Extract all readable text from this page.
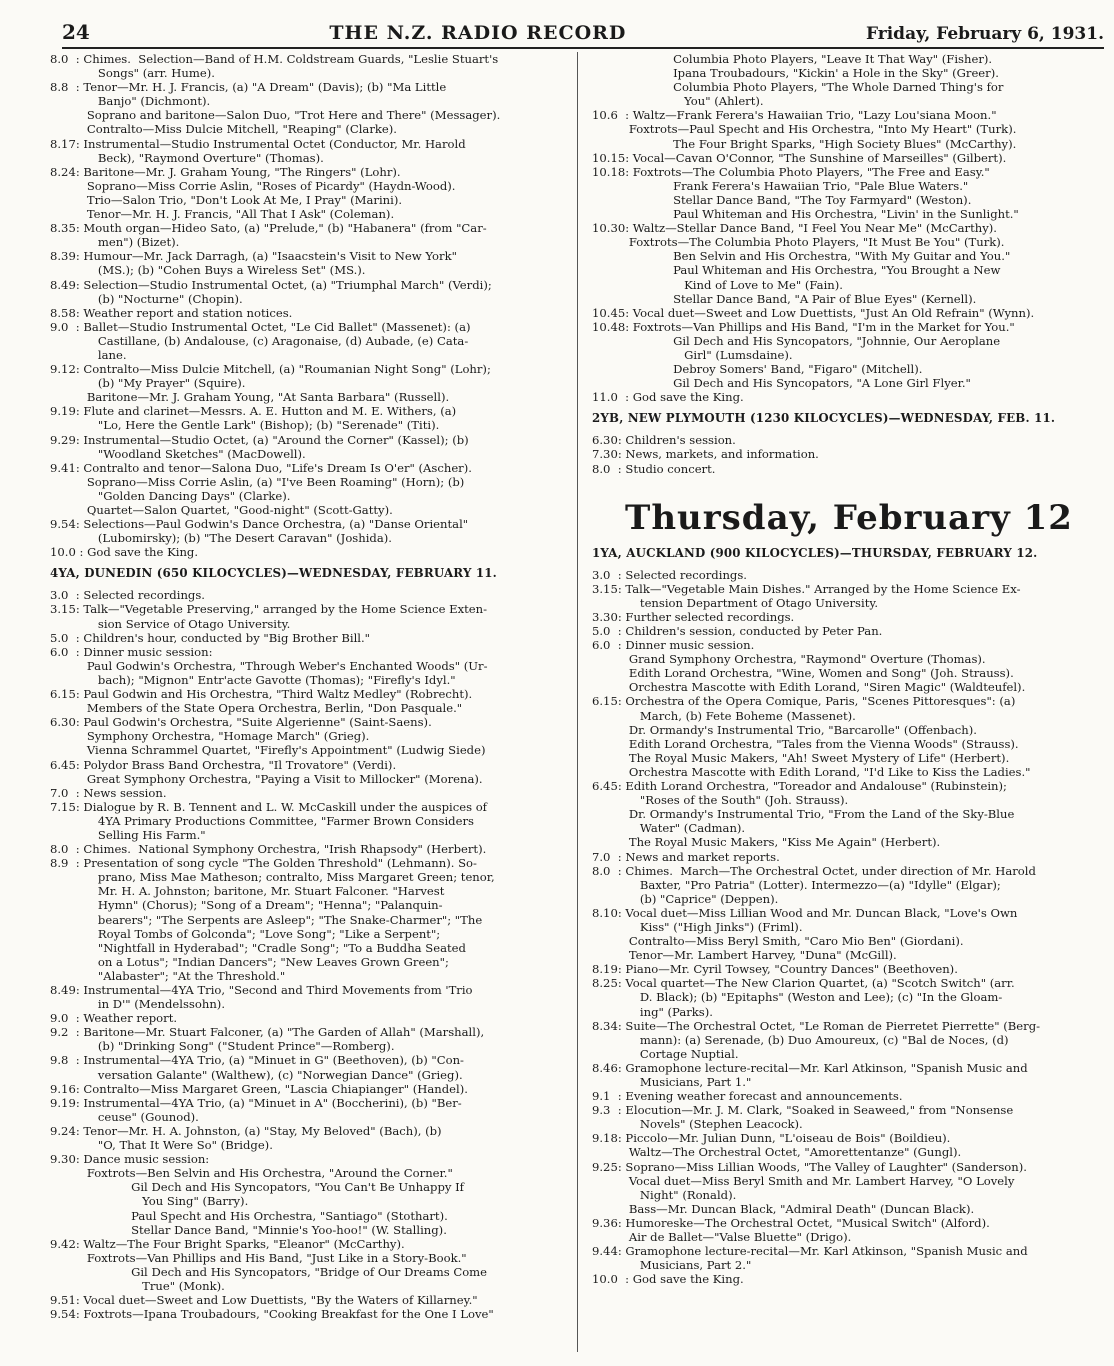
24	THE N.Z. RADIO RECORD	Friday, February 6, 1931.
8.0  : Chimes.  Selection—Band of H.M. Coldstream Guards, "Leslie Stuart's
Songs" (arr. Hume).
8.8  : Tenor—Mr. H. J. Francis, (a) "A Dream" (Davis); (b) "Ma Little
Banjo" (Dichmont).
Soprano and baritone—Salon Duo, "Trot Here and There" (Messager).
Contralto—Miss Dulcie Mitchell, "Reaping" (Clarke).
8.17: Instrumental—Studio Instrumental Octet (Conductor, Mr. Harold
Beck), "Raymond Overture" (Thomas).
8.24: Baritone—Mr. J. Graham Young, "The Ringers" (Lohr).
Soprano—Miss Corrie Aslin, "Roses of Picardy" (Haydn-Wood).
Trio—Salon Trio, "Don't Look At Me, I Pray" (Marini).
Tenor—Mr. H. J. Francis, "All That I Ask" (Coleman).
8.35: Mouth organ—Hideo Sato, (a) "Prelude," (b) "Habanera" (from "Car-
men") (Bizet).
8.39: Humour—Mr. Jack Darragh, (a) "Isaacstein's Visit to New York"
(MS.); (b) "Cohen Buys a Wireless Set" (MS.).
8.49: Selection—Studio Instrumental Octet, (a) "Triumphal March" (Verdi);
(b) "Nocturne" (Chopin).
8.58: Weather report and station notices.
9.0  : Ballet—Studio Instrumental Octet, "Le Cid Ballet" (Massenet): (a)
Castillane, (b) Andalouse, (c) Aragonaise, (d) Aubade, (e) Cata-
lane.
9.12: Contralto—Miss Dulcie Mitchell, (a) "Roumanian Night Song" (Lohr);
(b) "My Prayer" (Squire).
Baritone—Mr. J. Graham Young, "At Santa Barbara" (Russell).
9.19: Flute and clarinet—Messrs. A. E. Hutton and M. E. Withers, (a)
"Lo, Here the Gentle Lark" (Bishop); (b) "Serenade" (Titi).
9.29: Instrumental—Studio Octet, (a) "Around the Corner" (Kassel); (b)
"Woodland Sketches" (MacDowell).
9.41: Contralto and tenor—Salona Duo, "Life's Dream Is O'er" (Ascher).
Soprano—Miss Corrie Aslin, (a) "I've Been Roaming" (Horn); (b)
"Golden Dancing Days" (Clarke).
Quartet—Salon Quartet, "Good-night" (Scott-Gatty).
9.54: Selections—Paul Godwin's Dance Orchestra, (a) "Danse Oriental"
(Lubomirsky); (b) "The Desert Caravan" (Joshida).
10.0 : God save the King.
4YA, DUNEDIN (650 KILOCYCLES)—WEDNESDAY, FEBRUARY 11.
3.0  : Selected recordings.
3.15: Talk—"Vegetable Preserving," arranged by the Home Science Exten-
sion Service of Otago University.
5.0  : Children's hour, conducted by "Big Brother Bill."
6.0  : Dinner music session:
Paul Godwin's Orchestra, "Through Weber's Enchanted Woods" (Ur-
bach); "Mignon" Entr'acte Gavotte (Thomas); "Firefly's Idyl."
6.15: Paul Godwin and His Orchestra, "Third Waltz Medley" (Robrecht).
Members of the State Opera Orchestra, Berlin, "Don Pasquale."
6.30: Paul Godwin's Orchestra, "Suite Algerienne" (Saint-Saens).
Symphony Orchestra, "Homage March" (Grieg).
Vienna Schrammel Quartet, "Firefly's Appointment" (Ludwig Siede)
6.45: Polydor Brass Band Orchestra, "Il Trovatore" (Verdi).
Great Symphony Orchestra, "Paying a Visit to Millocker" (Morena).
7.0  : News session.
7.15: Dialogue by R. B. Tennent and L. W. McCaskill under the auspices of
4YA Primary Productions Committee, "Farmer Brown Considers
Selling His Farm."
8.0  : Chimes.  National Symphony Orchestra, "Irish Rhapsody" (Herbert).
8.9  : Presentation of song cycle "The Golden Threshold" (Lehmann). So-
prano, Miss Mae Matheson; contralto, Miss Margaret Green; tenor,
Mr. H. A. Johnston; baritone, Mr. Stuart Falconer. "Harvest
Hymn" (Chorus); "Song of a Dream"; "Henna"; "Palanquin-
bearers"; "The Serpents are Asleep"; "The Snake-Charmer"; "The
Royal Tombs of Golconda"; "Love Song"; "Like a Serpent";
"Nightfall in Hyderabad"; "Cradle Song"; "To a Buddha Seated
on a Lotus"; "Indian Dancers"; "New Leaves Grown Green";
"Alabaster"; "At the Threshold."
8.49: Instrumental—4YA Trio, "Second and Third Movements from 'Trio
in D'" (Mendelssohn).
9.0  : Weather report.
9.2  : Baritone—Mr. Stuart Falconer, (a) "The Garden of Allah" (Marshall),
(b) "Drinking Song" ("Student Prince"—Romberg).
9.8  : Instrumental—4YA Trio, (a) "Minuet in G" (Beethoven), (b) "Con-
versation Galante" (Walthew), (c) "Norwegian Dance" (Grieg).
9.16: Contralto—Miss Margaret Green, "Lascia Chiapianger" (Handel).
9.19: Instrumental—4YA Trio, (a) "Minuet in A" (Boccherini), (b) "Ber-
ceuse" (Gounod).
9.24: Tenor—Mr. H. A. Johnston, (a) "Stay, My Beloved" (Bach), (b)
"O, That It Were So" (Bridge).
9.30: Dance music session:
Foxtrots—Ben Selvin and His Orchestra, "Around the Corner."
Gil Dech and His Syncopators, "You Can't Be Unhappy If
You Sing" (Barry).
Paul Specht and His Orchestra, "Santiago" (Stothart).
Stellar Dance Band, "Minnie's Yoo-hoo!" (W. Stalling).
9.42: Waltz—The Four Bright Sparks, "Eleanor" (McCarthy).
Foxtrots—Van Phillips and His Band, "Just Like in a Story-Book."
Gil Dech and His Syncopators, "Bridge of Our Dreams Come
True" (Monk).
9.51: Vocal duet—Sweet and Low Duettists, "By the Waters of Killarney."
9.54: Foxtrots—Ipana Troubadours, "Cooking Breakfast for the One I Love"
Columbia Photo Players, "Leave It That Way" (Fisher).
Ipana Troubadours, "Kickin' a Hole in the Sky" (Greer).
Columbia Photo Players, "The Whole Darned Thing's for
You" (Ahlert).
10.6  : Waltz—Frank Ferera's Hawaiian Trio, "Lazy Lou'siana Moon."
Foxtrots—Paul Specht and His Orchestra, "Into My Heart" (Turk).
The Four Bright Sparks, "High Society Blues" (McCarthy).
10.15: Vocal—Cavan O'Connor, "The Sunshine of Marseilles" (Gilbert).
10.18: Foxtrots—The Columbia Photo Players, "The Free and Easy."
Frank Ferera's Hawaiian Trio, "Pale Blue Waters."
Stellar Dance Band, "The Toy Farmyard" (Weston).
Paul Whiteman and His Orchestra, "Livin' in the Sunlight."
10.30: Waltz—Stellar Dance Band, "I Feel You Near Me" (McCarthy).
Foxtrots—The Columbia Photo Players, "It Must Be You" (Turk).
Ben Selvin and His Orchestra, "With My Guitar and You."
Paul Whiteman and His Orchestra, "You Brought a New
Kind of Love to Me" (Fain).
Stellar Dance Band, "A Pair of Blue Eyes" (Kernell).
10.45: Vocal duet—Sweet and Low Duettists, "Just An Old Refrain" (Wynn).
10.48: Foxtrots—Van Phillips and His Band, "I'm in the Market for You."
Gil Dech and His Syncopators, "Johnnie, Our Aeroplane
Girl" (Lumsdaine).
Debroy Somers' Band, "Figaro" (Mitchell).
Gil Dech and His Syncopators, "A Lone Girl Flyer."
11.0  : God save the King.
2YB, NEW PLYMOUTH (1230 KILOCYCLES)—WEDNESDAY, FEB. 11.
6.30: Children's session.
7.30: News, markets, and information.
8.0  : Studio concert.
Thursday, February 12
1YA, AUCKLAND (900 KILOCYCLES)—THURSDAY, FEBRUARY 12.
3.0  : Selected recordings.
3.15: Talk—"Vegetable Main Dishes." Arranged by the Home Science Ex-
tension Department of Otago University.
3.30: Further selected recordings.
5.0  : Children's session, conducted by Peter Pan.
6.0  : Dinner music session.
Grand Symphony Orchestra, "Raymond" Overture (Thomas).
Edith Lorand Orchestra, "Wine, Women and Song" (Joh. Strauss).
Orchestra Mascotte with Edith Lorand, "Siren Magic" (Waldteufel).
6.15: Orchestra of the Opera Comique, Paris, "Scenes Pittoresques": (a)
March, (b) Fete Boheme (Massenet).
Dr. Ormandy's Instrumental Trio, "Barcarolle" (Offenbach).
Edith Lorand Orchestra, "Tales from the Vienna Woods" (Strauss).
The Royal Music Makers, "Ah! Sweet Mystery of Life" (Herbert).
Orchestra Mascotte with Edith Lorand, "I'd Like to Kiss the Ladies."
6.45: Edith Lorand Orchestra, "Toreador and Andalouse" (Rubinstein);
"Roses of the South" (Joh. Strauss).
Dr. Ormandy's Instrumental Trio, "From the Land of the Sky-Blue
Water" (Cadman).
The Royal Music Makers, "Kiss Me Again" (Herbert).
7.0  : News and market reports.
8.0  : Chimes.  March—The Orchestral Octet, under direction of Mr. Harold
Baxter, "Pro Patria" (Lotter). Intermezzo—(a) "Idylle" (Elgar);
(b) "Caprice" (Deppen).
8.10: Vocal duet—Miss Lillian Wood and Mr. Duncan Black, "Love's Own
Kiss" ("High Jinks") (Friml).
Contralto—Miss Beryl Smith, "Caro Mio Ben" (Giordani).
Tenor—Mr. Lambert Harvey, "Duna" (McGill).
8.19: Piano—Mr. Cyril Towsey, "Country Dances" (Beethoven).
8.25: Vocal quartet—The New Clarion Quartet, (a) "Scotch Switch" (arr.
D. Black); (b) "Epitaphs" (Weston and Lee); (c) "In the Gloam-
ing" (Parks).
8.34: Suite—The Orchestral Octet, "Le Roman de Pierretet Pierrette" (Berg-
mann): (a) Serenade, (b) Duo Amoureux, (c) "Bal de Noces, (d)
Cortage Nuptial.
8.46: Gramophone lecture-recital—Mr. Karl Atkinson, "Spanish Music and
Musicians, Part 1."
9.1  : Evening weather forecast and announcements.
9.3  : Elocution—Mr. J. M. Clark, "Soaked in Seaweed," from "Nonsense
Novels" (Stephen Leacock).
9.18: Piccolo—Mr. Julian Dunn, "L'oiseau de Bois" (Boildieu).
Waltz—The Orchestral Octet, "Amorettentanze" (Gungl).
9.25: Soprano—Miss Lillian Woods, "The Valley of Laughter" (Sanderson).
Vocal duet—Miss Beryl Smith and Mr. Lambert Harvey, "O Lovely
Night" (Ronald).
Bass—Mr. Duncan Black, "Admiral Death" (Duncan Black).
9.36: Humoreske—The Orchestral Octet, "Musical Switch" (Alford).
Air de Ballet—"Valse Bluette" (Drigo).
9.44: Gramophone lecture-recital—Mr. Karl Atkinson, "Spanish Music and
Musicians, Part 2."
10.0  : God save the King.
